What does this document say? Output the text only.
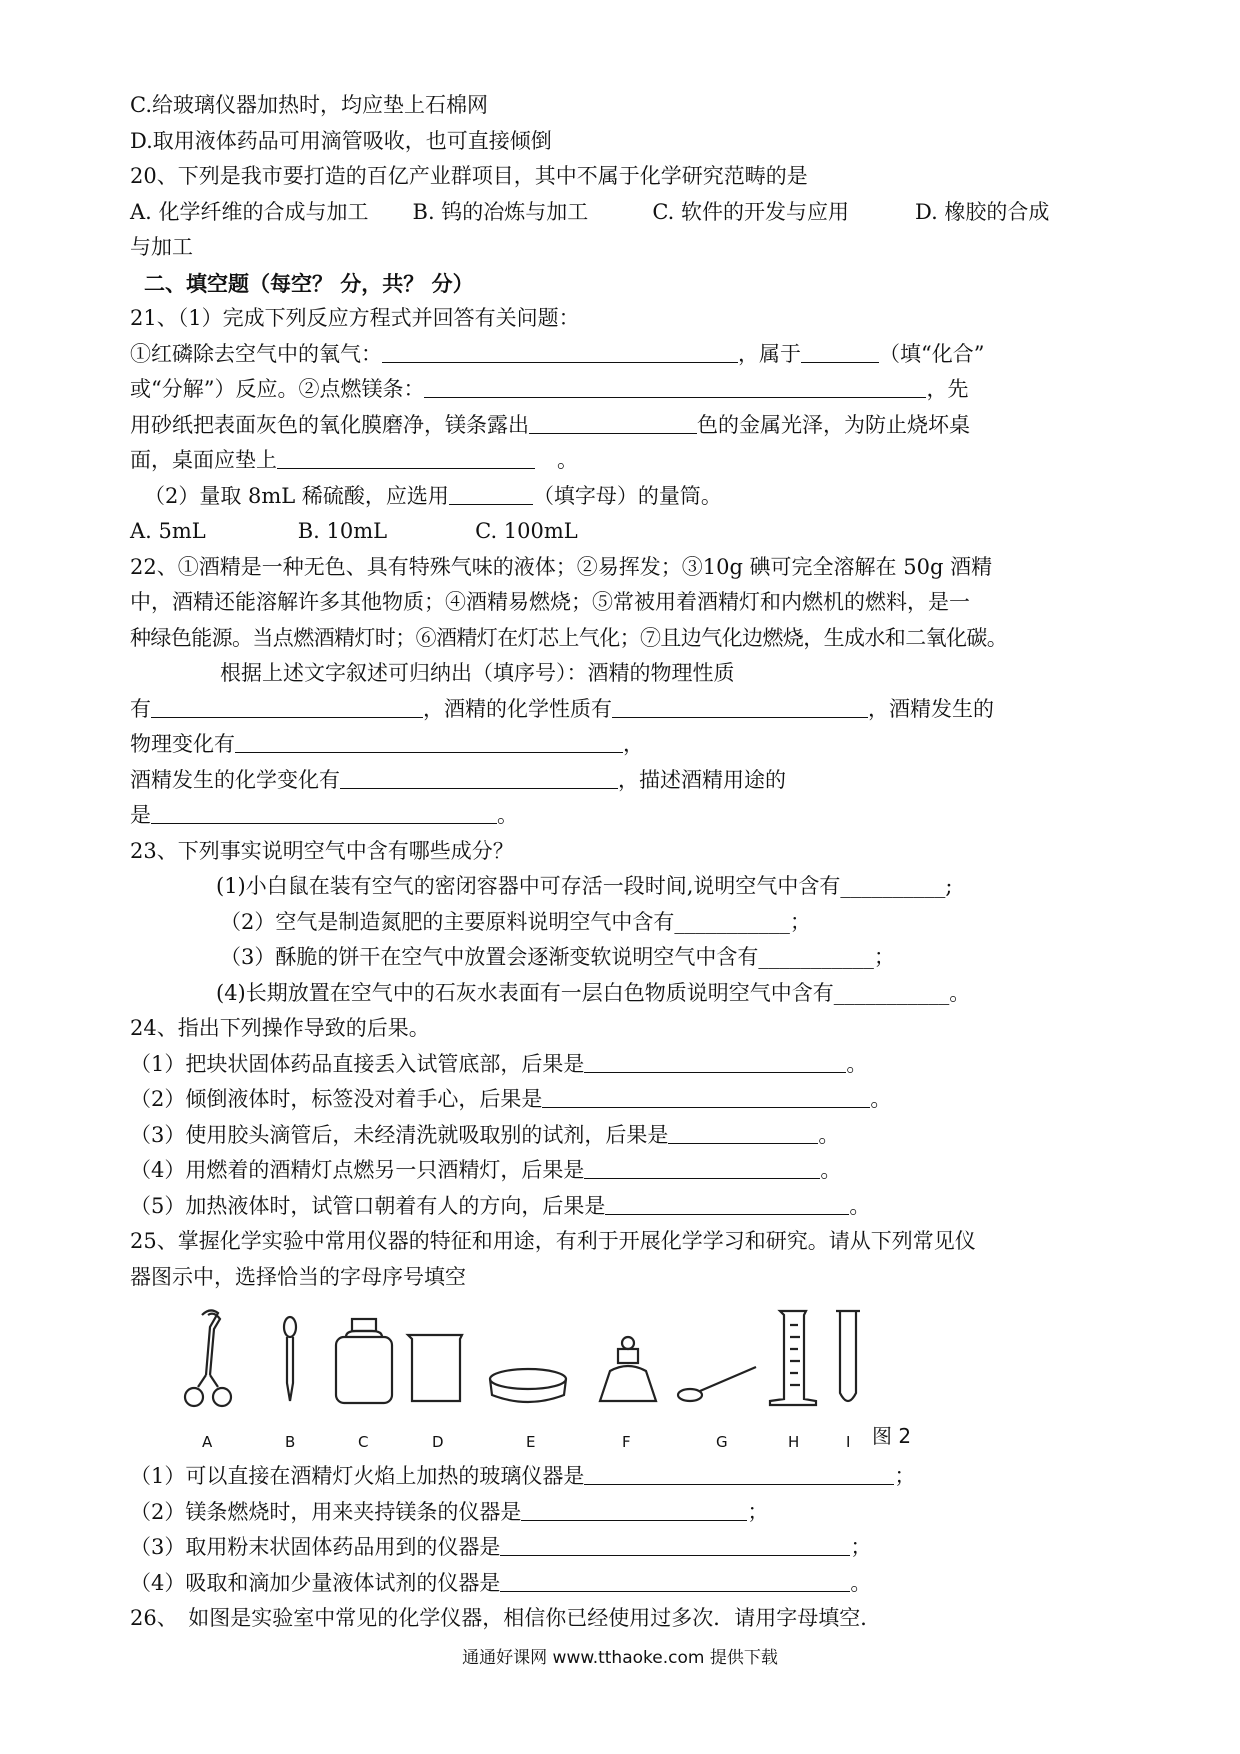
C.给玻璃仪器加热时，均应垫上石棉网
D.取用液体药品可用滴管吸收，也可直接倾倒
20、下列是我市要打造的百亿产业群项目，其中不属于化学研究范畴的是
A. 化学纤维的合成与加工 B. 钨的冶炼与加工	C. 软件的开发与应用	D. 橡胶的合成
与加工
二、填空题（每空？ 分，共？ 分）
21、（1）完成下列反应方程式并回答有关问题：
①红磷除去空气中的氧气：	，属于	（填“化合”
或“分解”）反应。②点燃镁条：	，先
用砂纸把表面灰色的氧化膜磨净，镁条露出	色的金属光泽，为防止烧坏桌
面，桌面应垫上	。
（2）量取 8mL 稀硫酸，应选用	（填字母）的量筒。
A. 5mL	B. 10mL	C. 100mL
22、①酒精是一种无色、具有特殊气味的液体；②易挥发；③10g 碘可完全溶解在 50g 酒精
中，酒精还能溶解许多其他物质；④酒精易燃烧；⑤常被用着酒精灯和内燃机的燃料，是一
种绿色能源。当点燃酒精灯时；⑥酒精灯在灯芯上气化；⑦且边气化边燃烧，生成水和二氧化碳。
根据上述文字叙述可归纳出（填序号）：酒精的物理性质
有	，酒精的化学性质有	，酒精发生的
物理变化有	，
酒精发生的化学变化有	，描述酒精用途的
是	。
23、下列事实说明空气中含有哪些成分？
(1)小白鼠在装有空气的密闭容器中可存活一段时间,说明空气中含有__________;
（2）空气是制造氮肥的主要原料说明空气中含有___________；
（3）酥脆的饼干在空气中放置会逐渐变软说明空气中含有___________；
(4)长期放置在空气中的石灰水表面有一层白色物质说明空气中含有___________。
24、指出下列操作导致的后果。
（1）把块状固体药品直接丢入试管底部，后果是	。
（2）倾倒液体时，标签没对着手心，后果是	。
（3）使用胶头滴管后，未经清洗就吸取别的试剂，后果是	。
（4）用燃着的酒精灯点燃另一只酒精灯，后果是	。
（5）加热液体时，试管口朝着有人的方向，后果是	。
25、掌握化学实验中常用仪器的特征和用途，有利于开展化学学习和研究。请从下列常见仪
器图示中，选择恰当的字母序号填空
A	B	C	D	E	F	G	H	I 图 2
（1）可以直接在酒精灯火焰上加热的玻璃仪器是	；
（2）镁条燃烧时，用来夹持镁条的仪器是	；
（3）取用粉末状固体药品用到的仪器是	；
（4）吸取和滴加少量液体试剂的仪器是	。
26、　如图是实验室中常见的化学仪器，相信你已经使用过多次．请用字母填空．
通通好课网 www.tthaoke.com 提供下载
